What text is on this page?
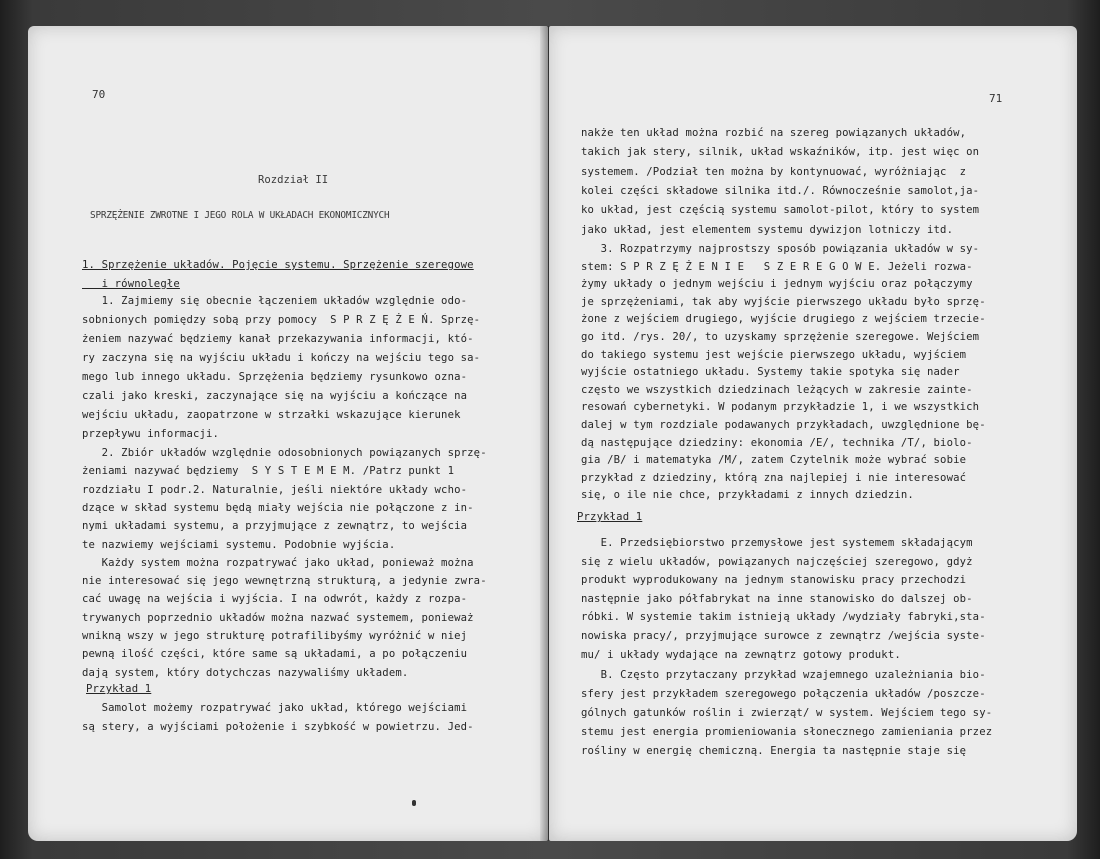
70
Rozdział II
SPRZĘŻENIE ZWROTNE I JEGO ROLA W UKŁADACH EKONOMICZNYCH
1. Sprzężenie układów. Pojęcie systemu. Sprzężenie szeregowe
i równoległe
1. Zajmiemy się obecnie łączeniem układów względnie odo-
sobnionych pomiędzy sobą przy pomocy  S P R Z Ę Ż E Ń. Sprzę-
żeniem nazywać będziemy kanał przekazywania informacji, któ-
ry zaczyna się na wyjściu układu i kończy na wejściu tego sa-
mego lub innego układu. Sprzężenia będziemy rysunkowo ozna-
czali jako kreski, zaczynające się na wyjściu a kończące na
wejściu układu, zaopatrzone w strzałki wskazujące kierunek
przepływu informacji.
2. Zbiór układów względnie odosobnionych powiązanych sprzę-
żeniami nazywać będziemy  S Y S T E M E M. /Patrz punkt 1
rozdziału I podr.2. Naturalnie, jeśli niektóre układy wcho-
dzące w skład systemu będą miały wejścia nie połączone z in-
nymi układami systemu, a przyjmujące z zewnątrz, to wejścia
te nazwiemy wejściami systemu. Podobnie wyjścia.
Każdy system można rozpatrywać jako układ, ponieważ można
nie interesować się jego wewnętrzną strukturą, a jedynie zwra-
cać uwagę na wejścia i wyjścia. I na odwrót, każdy z rozpa-
trywanych poprzednio układów można nazwać systemem, ponieważ
wnikną wszy w jego strukturę potrafilibyśmy wyróżnić w niej
pewną ilość części, które same są układami, a po połączeniu
dają system, który dotychczas nazywaliśmy układem.
Przykład 1
Samolot możemy rozpatrywać jako układ, którego wejściami
są stery, a wyjściami położenie i szybkość w powietrzu. Jed-
71
nakże ten układ można rozbić na szereg powiązanych układów,
takich jak stery, silnik, układ wskaźników, itp. jest więc on
systemem. /Podział ten można by kontynuować, wyróżniając  z
kolei części składowe silnika itd./. Równocześnie samolot,ja-
ko układ, jest częścią systemu samolot-pilot, który to system
jako układ, jest elementem systemu dywizjon lotniczy itd.
3. Rozpatrzymy najprostszy sposób powiązania układów w sy-
stem: S P R Z Ę Ż E N I E   S Z E R E G O W E. Jeżeli rozwa-
żymy układy o jednym wejściu i jednym wyjściu oraz połączymy
je sprzężeniami, tak aby wyjście pierwszego układu było sprzę-
żone z wejściem drugiego, wyjście drugiego z wejściem trzecie-
go itd. /rys. 20/, to uzyskamy sprzężenie szeregowe. Wejściem
do takiego systemu jest wejście pierwszego układu, wyjściem
wyjście ostatniego układu. Systemy takie spotyka się nader
często we wszystkich dziedzinach leżących w zakresie zainte-
resowań cybernetyki. W podanym przykładzie 1, i we wszystkich
dalej w tym rozdziale podawanych przykładach, uwzględnione bę-
dą następujące dziedziny: ekonomia /E/, technika /T/, biolo-
gia /B/ i matematyka /M/, zatem Czytelnik może wybrać sobie
przykład z dziedziny, którą zna najlepiej i nie interesować
się, o ile nie chce, przykładami z innych dziedzin.
Przykład 1
E. Przedsiębiorstwo przemysłowe jest systemem składającym
się z wielu układów, powiązanych najczęściej szeregowo, gdyż
produkt wyprodukowany na jednym stanowisku pracy przechodzi
następnie jako półfabrykat na inne stanowisko do dalszej ob-
róbki. W systemie takim istnieją układy /wydziały fabryki,sta-
nowiska pracy/, przyjmujące surowce z zewnątrz /wejścia syste-
mu/ i układy wydające na zewnątrz gotowy produkt.
B. Często przytaczany przykład wzajemnego uzależniania bio-
sfery jest przykładem szeregowego połączenia układów /poszcze-
gólnych gatunków roślin i zwierząt/ w system. Wejściem tego sy-
stemu jest energia promieniowania słonecznego zamieniania przez
rośliny w energię chemiczną. Energia ta następnie staje się
